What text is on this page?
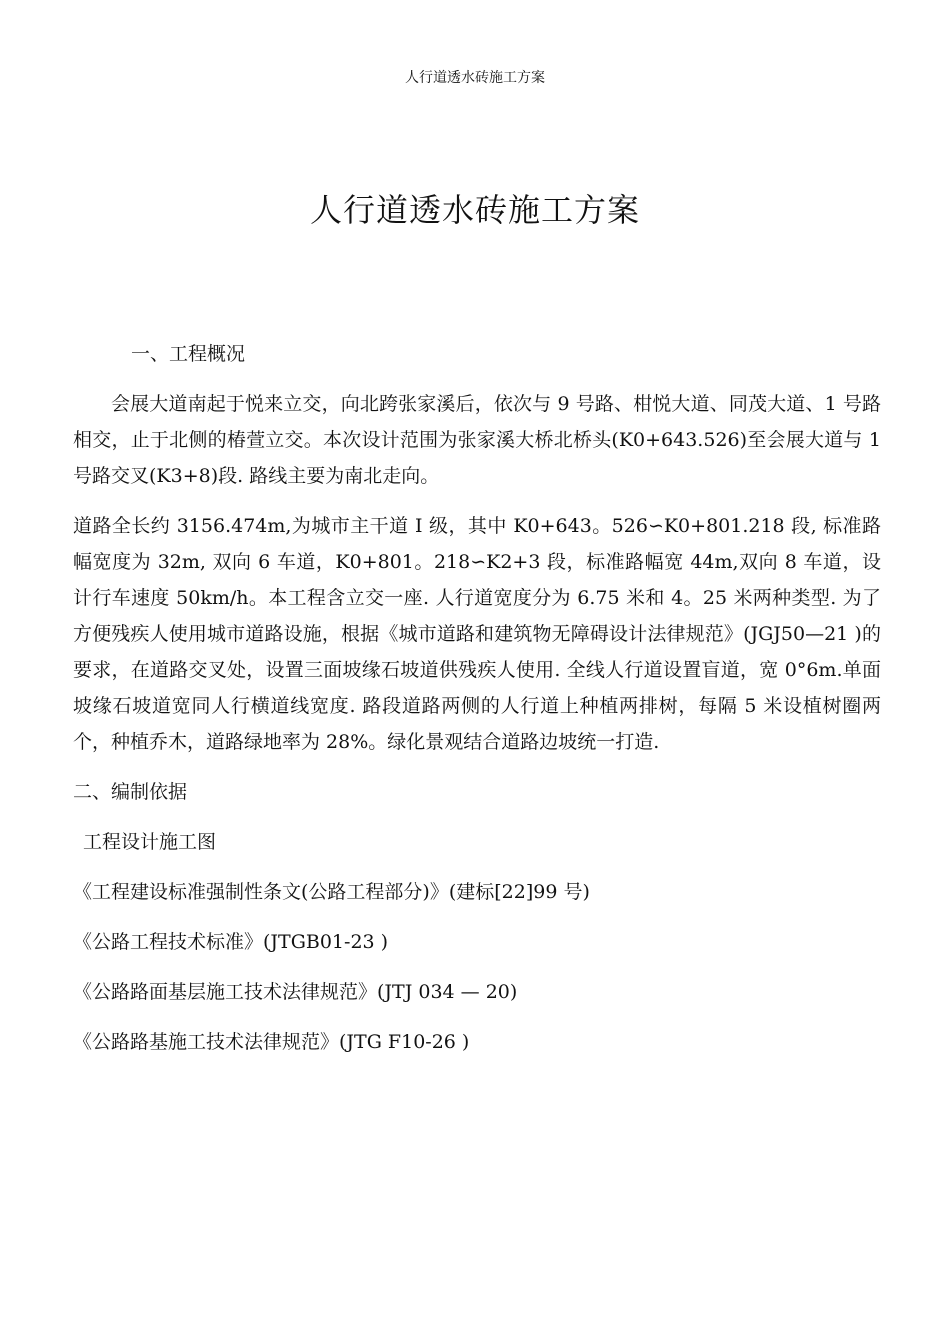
人行道透水砖施工方案
人行道透水砖施工方案

一、工程概况

会展大道南起于悦来立交，向北跨张家溪后，依次与 9 号路、柑悦大道、同茂大道、1 号路相交，止于北侧的椿萱立交。本次设计范围为张家溪大桥北桥头(K0+643.526)至会展大道与 1 号路交叉(K3+8)段. 路线主要为南北走向。

道路全长约 3156.474m,为城市主干道 I 级，其中 K0+643。526∽K0+801.218 段, 标准路幅宽度为 32m, 双向 6 车道，K0+801。218∽K2+3 段，标准路幅宽 44m,双向 8 车道，设计行车速度 50km/h。本工程含立交一座. 人行道宽度分为 6.75 米和 4。25 米两种类型. 为了方便残疾人使用城市道路设施，根据《城市道路和建筑物无障碍设计法律规范》(JGJ50—21 )的要求，在道路交叉处，设置三面坡缘石坡道供残疾人使用. 全线人行道设置盲道，宽 0°6m.单面坡缘石坡道宽同人行横道线宽度. 路段道路两侧的人行道上种植两排树，每隔 5 米设植树圈两个，种植乔木，道路绿地率为 28%。绿化景观结合道路边坡统一打造.

二、编制依据

工程设计施工图

《工程建设标准强制性条文(公路工程部分)》(建标[22]99 号)

《公路工程技术标准》(JTGB01-23 )

《公路路面基层施工技术法律规范》(JTJ 034 — 20)

《公路路基施工技术法律规范》(JTG F10-26 )
